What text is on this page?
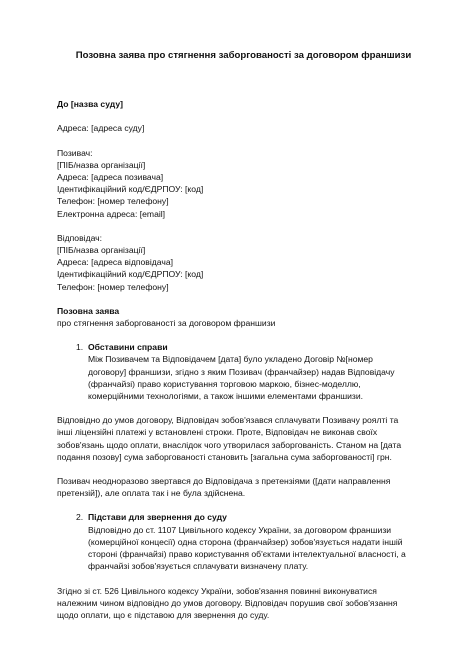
Позовна заява про стягнення заборгованості за договором франшизи
До [назва суду]
Адреса: [адреса суду]
Позивач:
[ПІБ/назва організації]
Адреса: [адреса позивача]
Ідентифікаційний код/ЄДРПОУ: [код]
Телефон: [номер телефону]
Електронна адреса: [email]
Відповідач:
[ПІБ/назва організації]
Адреса: [адреса відповідача]
Ідентифікаційний код/ЄДРПОУ: [код]
Телефон: [номер телефону]
Позовна заява
про стягнення заборгованості за договором франшизи
1. Обставини справи
Між Позивачем та Відповідачем [дата] було укладено Договір №[номер
договору] франшизи, згідно з яким Позивач (франчайзер) надав Відповідачу
(франчайзі) право користування торговою маркою, бізнес-моделлю,
комерційними технологіями, а також іншими елементами франшизи.
Відповідно до умов договору, Відповідач зобов'язався сплачувати Позивачу роялті та
інші ліцензійні платежі у встановлені строки. Проте, Відповідач не виконав своїх
зобов'язань щодо оплати, внаслідок чого утворилася заборгованість. Станом на [дата
подання позову] сума заборгованості становить [загальна сума заборгованості] грн.
Позивач неодноразово звертався до Відповідача з претензіями ([дати направлення
претензій]), але оплата так і не була здійснена.
2. Підстави для звернення до суду
Відповідно до ст. 1107 Цивільного кодексу України, за договором франшизи
(комерційної концесії) одна сторона (франчайзер) зобов'язується надати іншій
стороні (франчайзі) право користування об'єктами інтелектуальної власності, а
франчайзі зобов'язується сплачувати визначену плату.
Згідно зі ст. 526 Цивільного кодексу України, зобов'язання повинні виконуватися
належним чином відповідно до умов договору. Відповідач порушив свої зобов'язання
щодо оплати, що є підставою для звернення до суду.
